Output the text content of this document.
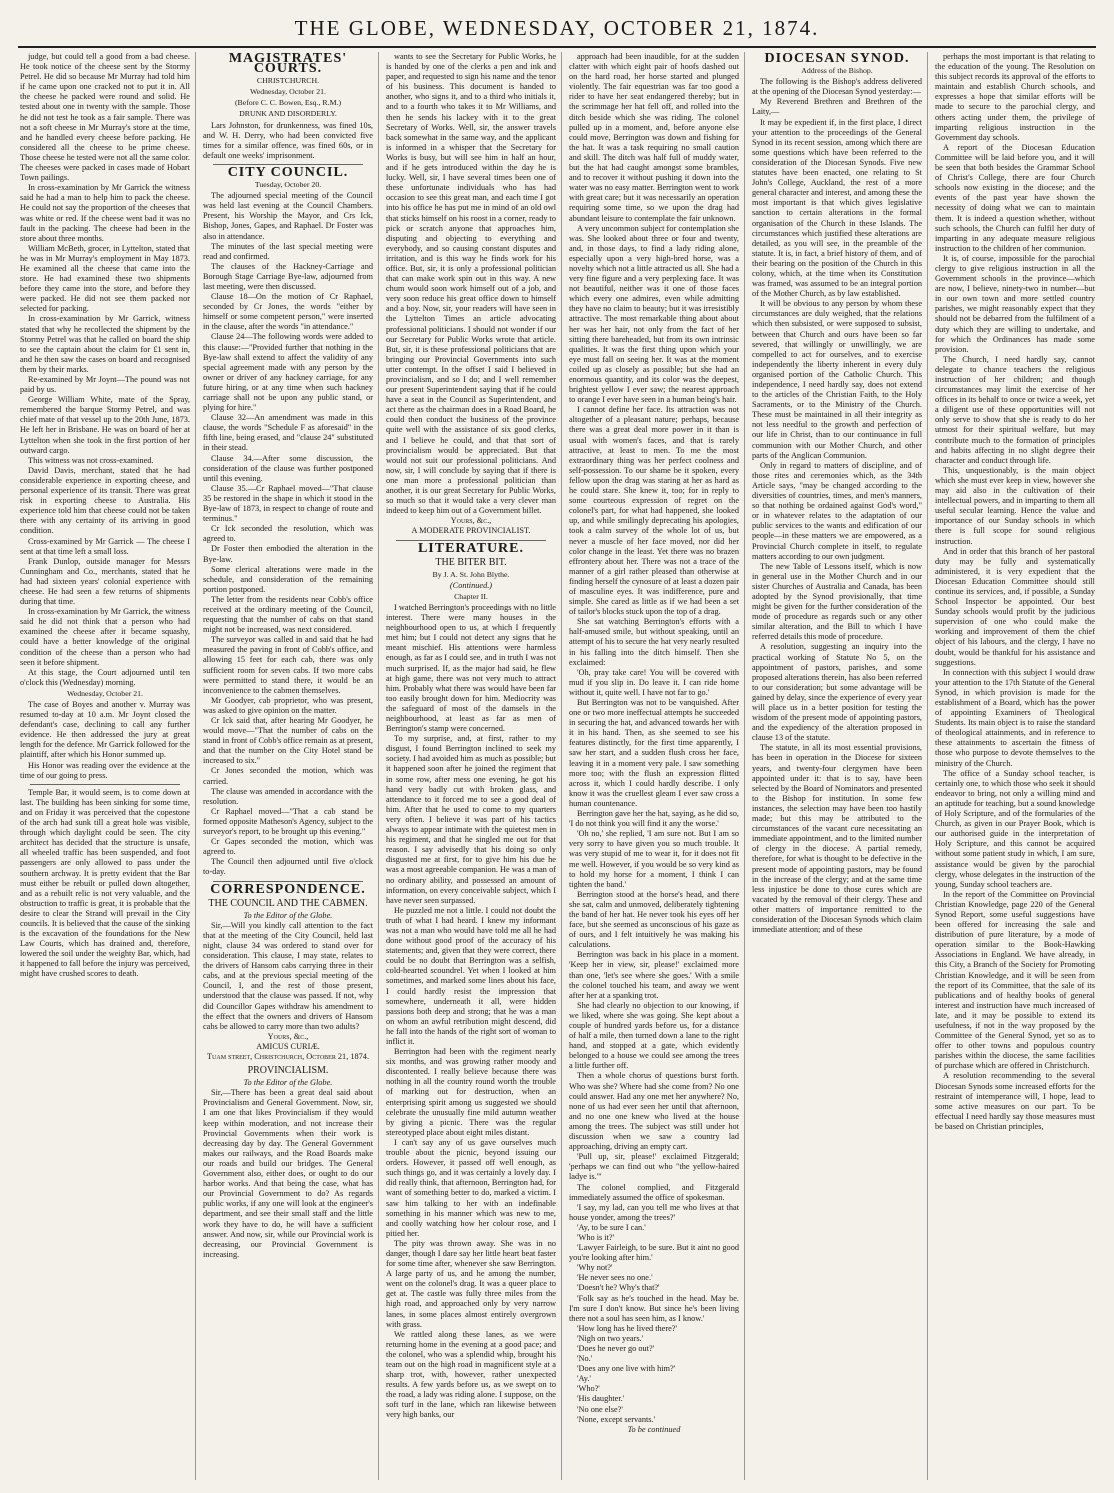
THE GLOBE, WEDNESDAY, OCTOBER 21, 1874.

judge, but could tell a good from a bad cheese. He took notice of the cheese sent by the Stormy Petrel. He did so because Mr Murray had told him if he came upon one cracked not to put it in. All the cheese he packed were round and solid. He tested about one in twenty with the sample. Those he did not test he took as a fair sample. There was not a soft cheese in Mr Murray's store at the time, and he handled every cheese before packing. He considered all the cheese to be prime cheese. Those cheese he tested were not all the same color. The cheeses were packed in cases made of Hobart Town pailings.

In cross-examination by Mr Garrick the witness said he had a man to help him to pack the cheese. He could not say the proportion of the cheeses that was white or red. If the cheese went bad it was no fault in the packing. The cheese had been in the store about three months.

William McBeth, grocer, in Lyttelton, stated that he was in Mr Murray's employment in May 1873. He examined all the cheese that came into the store. He had examined these two shipments before they came into the store, and before they were packed. He did not see them packed nor selected for packing.

In cross-examination by Mr Garrick, witness stated that why he recollected the shipment by the Stormy Petrel was that he called on board the ship to see the captain about the claim for £1 sent in, and he then saw the cases on board and recognised them by their marks.

Re-examined by Mr Joynt—The pound was not paid by us.

George William White, mate of the Spray, remembered the barque Stormy Petrel, and was chief mate of that vessel up to the 20th June, 1873. He left her in Brisbane. He was on board of her at Lyttelton when she took in the first portion of her outward cargo.

This witness was not cross-examined.

David Davis, merchant, stated that he had considerable experience in exporting cheese, and personal experience of its transit. There was great risk in exporting cheese to Australia. His experience told him that cheese could not be taken there with any certainty of its arriving in good condition.

Cross-examined by Mr Garrick — The cheese I sent at that time left a small loss.

Frank Dunlop, outside manager for Messrs Cunningham and Co., merchants, stated that he had had sixteen years' colonial experience with cheese. He had seen a few returns of shipments during that time.

In cross-examination by Mr Garrick, the witness said he did not think that a person who had examined the cheese after it became squashy, could have a better knowledge of the original condition of the cheese than a person who had seen it before shipment.

At this stage, the Court adjourned until ten o'clock this (Wednesday) morning.

Wednesday, October 21.

The case of Boyes and another v. Murray was resumed to-day at 10 a.m. Mr Joynt closed the defendant's case, declining to call any further evidence. He then addressed the jury at great length for the defence. Mr Garrick followed for the plaintiff, after which his Honor summed up.

His Honor was reading over the evidence at the time of our going to press.

Temple Bar, it would seem, is to come down at last. The building has been sinking for some time, and on Friday it was perceived that the copestone of the arch had sunk till a great hole was visible, through which daylight could be seen. The city architect has decided that the structure is unsafe, all wheeled traffic has been suspended, and foot passengers are only allowed to pass under the southern archway. It is pretty evident that the Bar must either be rebuilt or pulled down altogether, and as a rebuilt relic is not very valuable, and the obstruction to traffic is great, it is probable that the desire to clear the Strand will prevail in the City councils. It is believed that the cause of the sinking is the excavation of the foundations for the New Law Courts, which has drained and, therefore, lowered the soil under the weighty Bar, which, had it happened to fall before the injury was perceived, might have crushed scores to death.

MAGISTRATES' COURTS.

CHRISTCHURCH.

Wednesday, October 21.

(Before C. C. Bowen, Esq., R.M.)

DRUNK AND DISORDERLY.

Lars Johnston, for drunkenness, was fined 10s, and W. H. Derry, who had been convicted five times for a similar offence, was fined 60s, or in default one weeks' imprisonment.

CITY COUNCIL.

Tuesday, October 20.

The adjourned special meeting of the Council was held last evening at the Council Chambers. Present, his Worship the Mayor, and Crs Ick, Bishop, Jones, Gapes, and Raphael. Dr Foster was also in attendance.

The minutes of the last special meeting were read and confirmed.

The clauses of the Hackney-Carriage and Borough Stage Carriage Bye-law, adjourned from last meeting, were then discussed.

Clause 18—On the motion of Cr Raphael, seconded by Cr Jones, the words "either by himself or some competent person," were inserted in the clause, after the words "in attendance."

Clause 24—The following words were added to this clause:—"Provided further that nothing in the Bye-law shall extend to affect the validity of any special agreement made with any person by the owner or driver of any hackney carriage, for any future hiring, or at any time when such hackney carriage shall not be upon any public stand, or plying for hire."

Clause 32—An amendment was made in this clause, the words "Schedule F as aforesaid" in the fifth line, being erased, and "clause 24" substituted in their stead.

Clause 34.—After some discussion, the consideration of the clause was further postponed until this evening.

Clause 35.—Cr Raphael moved—"That clause 35 be restored in the shape in which it stood in the Bye-law of 1873, in respect to change of route and terminus."

Cr Ick seconded the resolution, which was agreed to.

Dr Foster then embodied the alteration in the Bye-law.

Some clerical alterations were made in the schedule, and consideration of the remaining portion postponed.

The letter from the residents near Cobb's office received at the ordinary meeting of the Council, requesting that the number of cabs on that stand might not be increased, was next considered.

The surveyor was called in and said that he had measured the paving in front of Cobb's office, and allowing 15 feet for each cab, there was only sufficient room for seven cabs. If two more cabs were permitted to stand there, it would be an inconvenience to the cabmen themselves.

Mr Goodyer, cab proprietor, who was present, was asked to give opinion on the matter.

Cr Ick said that, after hearing Mr Goodyer, he would move—"That the number of cabs on the stand in front of Cobb's office remain as at present, and that the number on the City Hotel stand be increased to six."

Cr Jones seconded the motion, which was carried.

The clause was amended in accordance with the resolution.

Cr Raphael moved—"That a cab stand be formed opposite Matheson's Agency, subject to the surveyor's report, to be brought up this evening."

Cr Gapes seconded the motion, which was agreed to.

The Council then adjourned until five o'clock to-day.

CORRESPONDENCE.
THE COUNCIL AND THE CABMEN.

To the Editor of the Globe.

Sir,—Will you kindly call attention to the fact that at the meeting of the City Council, held last night, clause 34 was ordered to stand over for consideration. This clause, I may state, relates to the drivers of Hansom cabs carrying three in their cabs, and at the previous special meeting of the Council, I, and the rest of those present, understood that the clause was passed. If not, why did Councillor Gapes withdraw his amendment to the effect that the owners and drivers of Hansom cabs be allowed to carry more than two adults?

Yours, &c.,

AMICUS CURIÆ.

Tuam street, Christchurch, October 21, 1874.

PROVINCIALISM.

To the Editor of the Globe.

Sir,—There has been a great deal said about Provincialism and General Government. Now, sir, I am one that likes Provincialism if they would keep within moderation, and not increase their Provincial Governments when their work is decreasing day by day. The General Government makes our railways, and the Road Boards make our roads and build our bridges. The General Government also, either does, or ought to do our harbor works. And that being the case, what has our Provincial Government to do? As regards public works, if any one will look at the engineer's department, and see their small staff and the little work they have to do, he will have a sufficient answer. And now, sir, while our Provincial work is decreasing, our Provincial Government is increasing.

wants to see the Secretary for Public Works, he is handed by one of the clerks a pen and ink and paper, and requested to sign his name and the tenor of his business. This document is handed to another, who signs it, and to a third who initials it, and to a fourth who takes it to Mr Williams, and then he sends his lackey with it to the great Secretary of Works. Well, sir, the answer travels back somewhat in the same way, and the applicant is informed in a whisper that the Secretary for Works is busy, but will see him in half an hour, and if he gets introduced within the day he is lucky. Well, sir, I have several times been one of these unfortunate individuals who has had occasion to see this great man, and each time I got into his office he has put me in mind of an old owl that sticks himself on his roost in a corner, ready to pick or scratch anyone that approaches him, disputing and objecting to everything and everybody, and so causing constant disputes and irritation, and is this way he finds work for his office. But, sir, it is only a professional politician that can make work spin out in this way. A new chum would soon work himself out of a job, and very soon reduce his great office down to himself and a boy. Now, sir, your readers will have seen in the Lyttelton Times an article advocating professional politicians. I should not wonder if our our Secretary for Public Works wrote that article. But, sir, it is these professional politicians that are bringing our Provincial Governments into such utter contempt. In the offset I said I believed in provincialism, and so I do; and I well remember our present Superintendent saying that if he could have a seat in the Council as Superintendent, and act there as the chairman does in a Road Board, he could then conduct the business of the province quite well with the assistance of six good clerks, and I believe he could, and that that sort of provincialism would be appreciated. But that would not suit our professional politicians. And now, sir, I will conclude by saying that if there is one man more a professional politician than another, it is our great Secretary for Public Works, so much so that it would take a very clever man indeed to keep him out of a Government billet.

Yours, &c.,

A MODERATE PROVINCIALIST.

LITERATURE.
THE BITER BIT.

By J. A. St. John Blythe.

(Continued.)

Chapter II.

I watched Berrington's proceedings with no little interest. There were many houses in the neighbourhood open to us, at which I frequently met him; but I could not detect any signs that he meant mischief. His attentions were harmless enough, as far as I could see, and in truth I was not much surprised. If, as the major had said, he flew at high game, there was not very much to attract him. Probably what there was would have been far too easily brought down for him. Mediocrity was the safeguard of most of the damsels in the neighbourhood, at least as far as men of Berrington's stamp were concerned.

To my surprise, and, at first, rather to my disgust, I found Berrington inclined to seek my society. I had avoided him as much as possible; but it happened soon after he joined the regiment that in some row, after mess one evening, he got his hand very badly cut with broken glass, and attendance to it forced me to see a good deal of him. After that he used to come to my quarters very often. I believe it was part of his tactics always to appear intimate with the quietest men in his regiment, and that he singled me out for that reason. I say advisedly that his doing so only disgusted me at first, for to give him his due he was a most agreeable companion. He was a man of no ordinary ability, and possessed an amount of information, on every conceivable subject, which I have never seen surpassed.

He puzzled me not a little. I could not doubt the truth of what I had heard. I knew my informant was not a man who would have told me all he had done without good proof of the accuracy of his statements; and, given that they were correct, there could be no doubt that Berrington was a selfish, cold-hearted scoundrel. Yet when I looked at him sometimes, and marked some lines about his face, I could hardly resist the impression that somewhere, underneath it all, were hidden passions both deep and strong; that he was a man on whom an awful retribution might descend, did he fall into the hands of the right sort of woman to inflict it.

Berrington had been with the regiment nearly six months, and was growing rather moody and discontented. I really believe because there was nothing in all the country round worth the trouble of marking out for destruction, when an enterprising spirit among us suggested we should celebrate the unusually fine mild autumn weather by giving a picnic. There was the regular stereotyped place about eight miles distant.

I can't say any of us gave ourselves much trouble about the picnic, beyond issuing our orders. However, it passed off well enough, as such things go, and it was certainly a lovely day. I did really think, that afternoon, Berrington had, for want of something better to do, marked a victim. I saw him talking to her with an indefinable something in his manner which was new to me, and coolly watching how her colour rose, and I pitied her.

The pity was thrown away. She was in no danger, though I dare say her little heart beat faster for some time after, whenever she saw Berrington. A large party of us, and he among the number, went on the colonel's drag. It was a queer place to get at. The castle was fully three miles from the high road, and approached only by very narrow lanes, in some places almost entirely overgrown with grass.

We rattled along these lanes, as we were returning home in the evening at a good pace; and the colonel, who was a splendid whip, brought his team out on the high road in magnificent style at a sharp trot, with, however, rather unexpected results. A few yards before us, as we swept on to the road, a lady was riding alone. I suppose, on the soft turf in the lane, which ran likewise between very high banks, our

approach had been inaudible, for at the sudden clatter with which eight pair of hoofs dashed out on the hard road, her horse started and plunged violently. The fair equestrian was far too good a rider to have her seat endangered thereby; but in the scrimmage her hat fell off, and rolled into the ditch beside which she was riding. The colonel pulled up in a moment, and, before anyone else could move, Berrington was down and fishing for the hat. It was a task requiring no small caution and skill. The ditch was half full of muddy water, but the hat had caught amongst some brambles, and to recover it without pushing it down into the water was no easy matter. Berrington went to work with great care; but it was necessarily an operation requiring some time, so we upon the drag had abundant leisure to contemplate the fair unknown.

A very uncommon subject for contemplation she was. She looked about three or four and twenty, and, in those days, to find a lady riding alone, especially upon a very high-bred horse, was a novelty which not a little attracted us all. She had a very fine figure and a very perplexing face. It was not beautiful, neither was it one of those faces which every one admires, even while admitting they have no claim to beauty; but it was irresistibly attractive. The most remarkable thing about about her was her hair, not only from the fact of her sitting there bareheaded, but from its own intrinsic qualities. It was the first thing upon which your eye must fall on seeing her. It was at the moment coiled up as closely as possible; but she had an enormous quantity, and its color was the deepest, brightest yellow I ever saw; the nearest approach to orange I ever have seen in a human being's hair.

I cannot define her face. Its attraction was not altogether of a pleasant nature; perhaps, because there was a great deal more power in it than is usual with women's faces, and that is rarely attractive, at least to men. To me the most extraordinary thing was her perfect coolness and self-possession. To our shame be it spoken, every fellow upon the drag was staring at her as hard as he could stare. She knew it, too; for in reply to some courteous expression of regret on the colonel's part, for what had happened, she looked up, and while smilingly deprecating his apologies, took a calm survey of the whole lot of us, but never a muscle of her face moved, nor did her color change in the least. Yet there was no brazen effrontery about her. There was not a trace of the manner of a girl rather pleased than otherwise at finding herself the cynosure of at least a dozen pair of masculine eyes. It was indifference, pure and simple. She cared as little as if we had been a set of tailor's blocks stuck upon the top of a drag.

She sat watching Berrington's efforts with a half-amused smile, but without speaking, until an attempt of his to secure the hat very nearly resulted in his falling into the ditch himself. Then she exclaimed:

'Oh, pray take care! You will be covered with mud if you slip in. Do leave it. I can ride home without it, quite well. I have not far to go.'

But Berrington was not to be vanquished. After one or two more ineffectual attempts he succeeded in securing the hat, and advanced towards her with it in his hand. Then, as she seemed to see his features distinctly, for the first time apparently, I saw her start, and a sudden flush cross her face, leaving it in a moment very pale. I saw something more too; with the flush an expression flitted across it, which I could hardly describe. I only know it was the cruellest gleam I ever saw cross a human countenance.

Berrington gave her the hat, saying, as he did so, 'I do not think you will find it any the worse.'

'Oh no,' she replied, 'I am sure not. But I am so very sorry to have given you so much trouble. It was very stupid of me to wear it, for it does not fit me well. However, if you would be so very kind as to hold my horse for a moment, I think I can tighten the band.'

Berrington stood at the horse's head, and there she sat, calm and unmoved, deliberately tightening the band of her hat. He never took his eyes off her face, but she seemed as unconscious of his gaze as of ours, and I felt intuitively he was making his calculations.

Berrington was back in his place in a moment. 'Keep her in view, sir, please!' exclaimed more than one, 'let's see where she goes.' With a smile the colonel touched his team, and away we went after her at a spanking trot.

She had clearly no objection to our knowing, if we liked, where she was going. She kept about a couple of hundred yards before us, for a distance of half a mile, then turned down a lane to the right hand, and stopped at a gate, which evidently belonged to a house we could see among the trees a little further off.

Then a whole chorus of questions burst forth. Who was she? Where had she come from? No one could answer. Had any one met her anywhere? No, none of us had ever seen her until that afternoon, and no one one knew who lived at the house among the trees. The subject was still under hot discussion when we saw a country lad approaching, driving an empty cart.

'Pull up, sir, please!' exclaimed Fitzgerald; 'perhaps we can find out who "the yellow-haired ladye is."'

The colonel complied, and Fitzgerald immediately assumed the office of spokesman.

'I say, my lad, can you tell me who lives at that house yonder, among the trees?'

'Ay, to be sure I can.'

'Who is it?'

'Lawyer Fairleigh, to be sure. But it aint no good you're looking after him.'

'Why not?'

'He never sees no one.'

'Doesn't he? Why's that?'

'Folk say as he's touched in the head. May be. I'm sure I don't know. But since he's been living there not a soul has seen him, as I know.'

'How long has he lived there?'

'Nigh on two years.'

'Does he never go out?'

'No.'

'Does any one live with him?'

'Ay.'

'Who?'

'His daughter.'

'No one else?'

'None, except servants.'

To be continued

DIOCESAN SYNOD.

Address of the Bishop.

The following is the Bishop's address delivered at the opening of the Diocesan Synod yesterday:—

My Reverend Brethren and Brethren of the Laity,—

It may be expedient if, in the first place, I direct your attention to the proceedings of the General Synod in its recent session, among which there are some questions which have been referred to the consideration of the Diocesan Synods. Five new statutes have been enacted, one relating to St John's College, Auckland, the rest of a more general character and interest, and among these the most important is that which gives legislative sanction to certain alterations in the formal organisation of the Church in these Islands. The circumstances which justified these alterations are detailed, as you will see, in the preamble of the statute. It is, in fact, a brief history of them, and of their bearing on the position of the Church in this colony, which, at the time when its Constitution was framed, was assumed to be an integral portion of the Mother Church, as by law established.

It will be obvious to any person by whom these circumstances are duly weighed, that the relations which then subsisted, or were supposed to subsist, between that Church and ours have been so far severed, that willingly or unwillingly, we are compelled to act for ourselves, and to exercise independently the liberty inherent in every duly organised portion of the Catholic Church. This independence, I need hardly say, does not extend to the articles of the Christian Faith, to the Holy Sacraments, or to the Ministry of the Church. These must be maintained in all their integrity as not less needful to the growth and perfection of our life in Christ, than to our continuance in full communion with our Mother Church, and other parts of the Anglican Communion.

Only in regard to matters of discipline, and of those rites and ceremonies which, as the 34th Article says, "may be changed according to the diversities of countries, times, and men's manners, so that nothing be ordained against God's word," or in whatever relates to the adaptation of our public services to the wants and edification of our people—in these matters we are empowered, as a Provincial Church complete in itself, to regulate matters according to our own judgment.

The new Table of Lessons itself, which is now in general use in the Mother Church and in our sister Churches of Australia and Canada, has been adopted by the Synod provisionally, that time might be given for the further consideration of the mode of procedure as regards such or any other similar alteration, and the Bill to which I have referred details this mode of procedure.

A resolution, suggesting an inquiry into the practical working of Statute No 5, on the appointment of pastors, parishes, and some proposed alterations therein, has also been referred to our consideration; but some advantage will be gained by delay, since the experience of every year will place us in a better position for testing the wisdom of the present mode of appointing pastors, and the expediency of the alteration proposed in clause 13 of the statute.

The statute, in all its most essential provisions, has been in operation in the Diocese for sixteen years, and twenty-four clergymen have been appointed under it: that is to say, have been selected by the Board of Nominators and presented to the Bishop for institution. In some few instances, the selection may have been too hastily made; but this may be attributed to the circumstances of the vacant cure necessitating an immediate appointment, and to the limited number of clergy in the diocese. A partial remedy, therefore, for what is thought to be defective in the present mode of appointing pastors, may be found in the increase of the clergy; and at the same time less injustice be done to those cures which are vacated by the removal of their clergy. These and other matters of importance remitted to the consideration of the Diocesan Synods which claim immediate attention; and of these

perhaps the most important is that relating to the education of the young. The Resolution on this subject records its approval of the efforts to maintain and establish Church schools, and expresses a hope that similar efforts will be made to secure to the parochial clergy, and others acting under them, the privilege of imparting religious instruction in the Government day schools.

A report of the Diocesan Education Committee will be laid before you, and it will be seen that both besides the Grammar School of Christ's College, there are four Church schools now existing in the diocese; and the events of the past year have shown the necessity of doing what we can to maintain them. It is indeed a question whether, without such schools, the Church can fulfil her duty of imparting in any adequate measure religious instruction to the children of her communion.

It is, of course, impossible for the parochial clergy to give religious instruction in all the Government schools in the province—which are now, I believe, ninety-two in number—but in our own town and more settled country parishes, we might reasonably expect that they should not be debarred from the fulfilment of a duty which they are willing to undertake, and for which the Ordinances has made some provision.

The Church, I need hardly say, cannot delegate to chance teachers the religious instruction of her children; and though circumstances may limit the exercise of her offices in its behalf to once or twice a week, yet a diligent use of these opportunities will not only serve to show that she is ready to do her utmost for their spiritual welfare, but may contribute much to the formation of principles and habits affecting in no slight degree their character and conduct through life.

This, unquestionably, is the main object which she must ever keep in view, however she may aid also in the cultivation of their intellectual powers, and in imparting to them all useful secular learning. Hence the value and importance of our Sunday schools in which there is full scope for sound religious instruction.

And in order that this branch of her pastoral duty may be fully and systematically administered, it is very expedient that the Diocesan Education Committee should still continue its services, and, if possible, a Sunday School Inspector be appointed. Our best Sunday schools would profit by the judicious supervision of one who could make the working and improvement of them the chief object of his labours, and the clergy, I have no doubt, would be thankful for his assistance and suggestions.

In connection with this subject I would draw your attention to the 17th Statute of the General Synod, in which provision is made for the establishment of a Board, which has the power of appointing Examiners of Theological Students. Its main object is to raise the standard of theological attainments, and in reference to these attainments to ascertain the fitness of those who purpose to devote themselves to the ministry of the Church.

The office of a Sunday school teacher, is certainly one, to which those who seek it should endeavor to bring, not only a willing mind and an aptitude for teaching, but a sound knowledge of Holy Scripture, and of the formularies of the Church, as given in our Prayer Book, which is our authorised guide in the interpretation of Holy Scripture, and this cannot be acquired without some patient study in which, I am sure, assistance would be given by the parochial clergy, whose delegates in the instruction of the young, Sunday school teachers are.

In the report of the Committee on Provincial Christian Knowledge, page 220 of the General Synod Report, some useful suggestions have been offered for increasing the sale and distribution of pure literature, by a mode of operation similar to the Book-Hawking Associations in England. We have already, in this City, a Branch of the Society for Promoting Christian Knowledge, and it will be seen from the report of its Committee, that the sale of its publications and of healthy books of general interest and instruction have much increased of late, and it may be possible to extend its usefulness, if not in the way proposed by the Committee of the General Synod, yet so as to offer to other towns and populous country parishes within the diocese, the same facilities of purchase which are offered in Christchurch.

A resolution recommending to the several Diocesan Synods some increased efforts for the restraint of intemperance will, I hope, lead to some active measures on our part. To be effectual I need hardly say those measures must be based on Christian principles,
